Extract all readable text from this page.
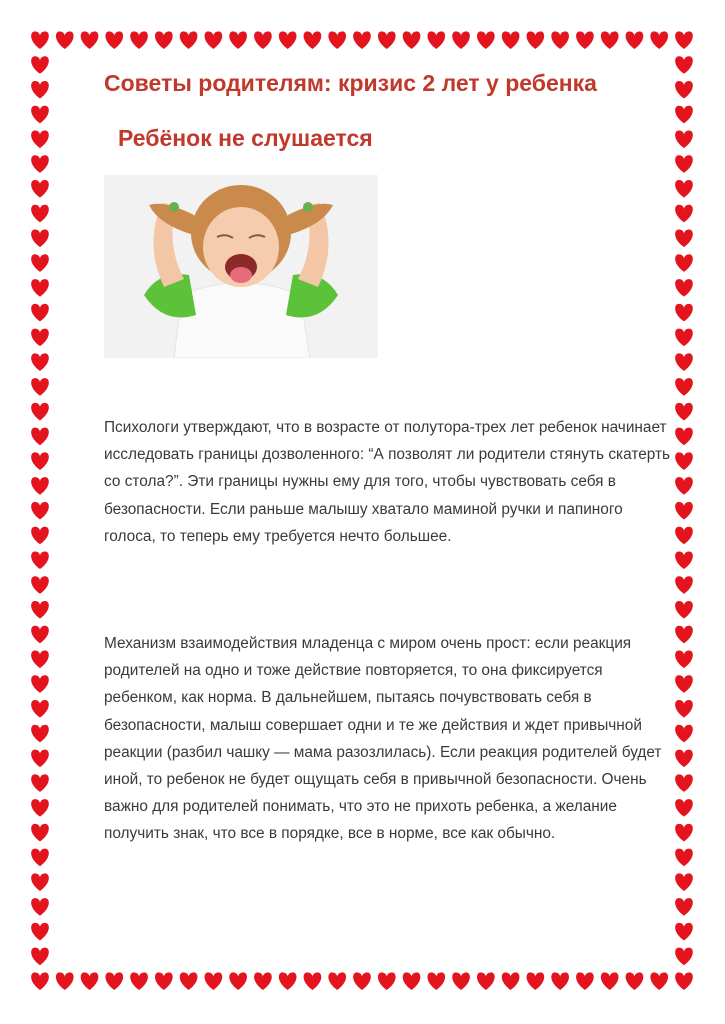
Советы родителям: кризис 2 лет у ребенка
Ребёнок не слушается

Психологи утверждают, что в возрасте от полутора-трех лет ребенок начинает исследовать границы дозволенного: “А позволят ли родители стянуть скатерть со стола?”. Эти границы нужны ему для того, чтобы чувствовать себя в безопасности. Если раньше малышу хватало маминой ручки и папиного голоса, то теперь ему требуется нечто большее.

Механизм взаимодействия младенца с миром очень прост: если реакция родителей на одно и тоже действие повторяется, то она фиксируется ребенком, как норма. В дальнейшем, пытаясь почувствовать себя в безопасности, малыш совершает одни и те же действия и ждет привычной реакции (разбил чашку — мама разозлилась). Если реакция родителей будет иной, то ребенок не будет ощущать себя в привычной безопасности. Очень важно для родителей понимать, что это не прихоть ребенка, а желание получить знак, что все в порядке, все в норме, все как обычно.
